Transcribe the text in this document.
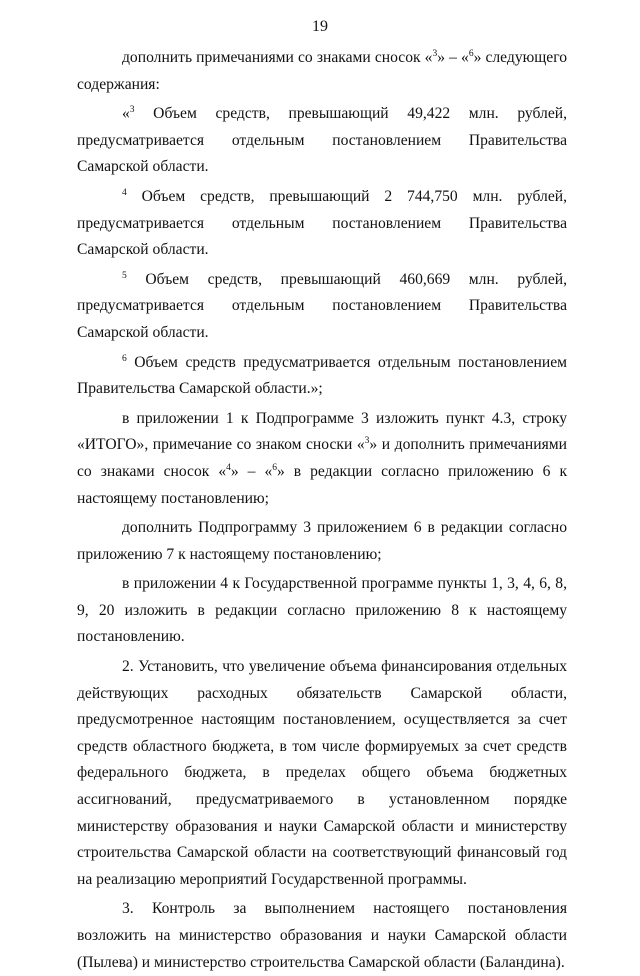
19

дополнить примечаниями со знаками сносок «$^3$» – «$^6$» следующего содержания:

«$^3$ Объем средств, превышающий 49,422 млн. рублей, предусматривается отдельным постановлением Правительства Самарской области.

$^4$ Объем средств, превышающий 2 744,750 млн. рублей, предусматривается отдельным постановлением Правительства Самарской области.

$^5$ Объем средств, превышающий 460,669 млн. рублей, предусматривается отдельным постановлением Правительства Самарской области.

$^6$ Объем средств предусматривается отдельным постановлением Правительства Самарской области.»;

в приложении 1 к Подпрограмме 3 изложить пункт 4.3, строку «ИТОГО», примечание со знаком сноски «$^3$» и дополнить примечаниями со знаками сносок «$^4$» – «$^6$» в редакции согласно приложению 6 к настоящему постановлению;

дополнить Подпрограмму 3 приложением 6 в редакции согласно приложению 7 к настоящему постановлению;

в приложении 4 к Государственной программе пункты 1, 3, 4, 6, 8, 9, 20 изложить в редакции согласно приложению 8 к настоящему постановлению.

2. Установить, что увеличение объема финансирования отдельных действующих расходных обязательств Самарской области, предусмотренное настоящим постановлением, осуществляется за счет средств областного бюджета, в том числе формируемых за счет средств федерального бюджета, в пределах общего объема бюджетных ассигнований, предусматриваемого в установленном порядке министерству образования и науки Самарской области и министерству строительства Самарской области на соответствующий финансовый год на реализацию мероприятий Государственной программы.

3. Контроль за выполнением настоящего постановления возложить на министерство образования и науки Самарской области (Пылева) и министерство строительства Самарской области (Баландина).
